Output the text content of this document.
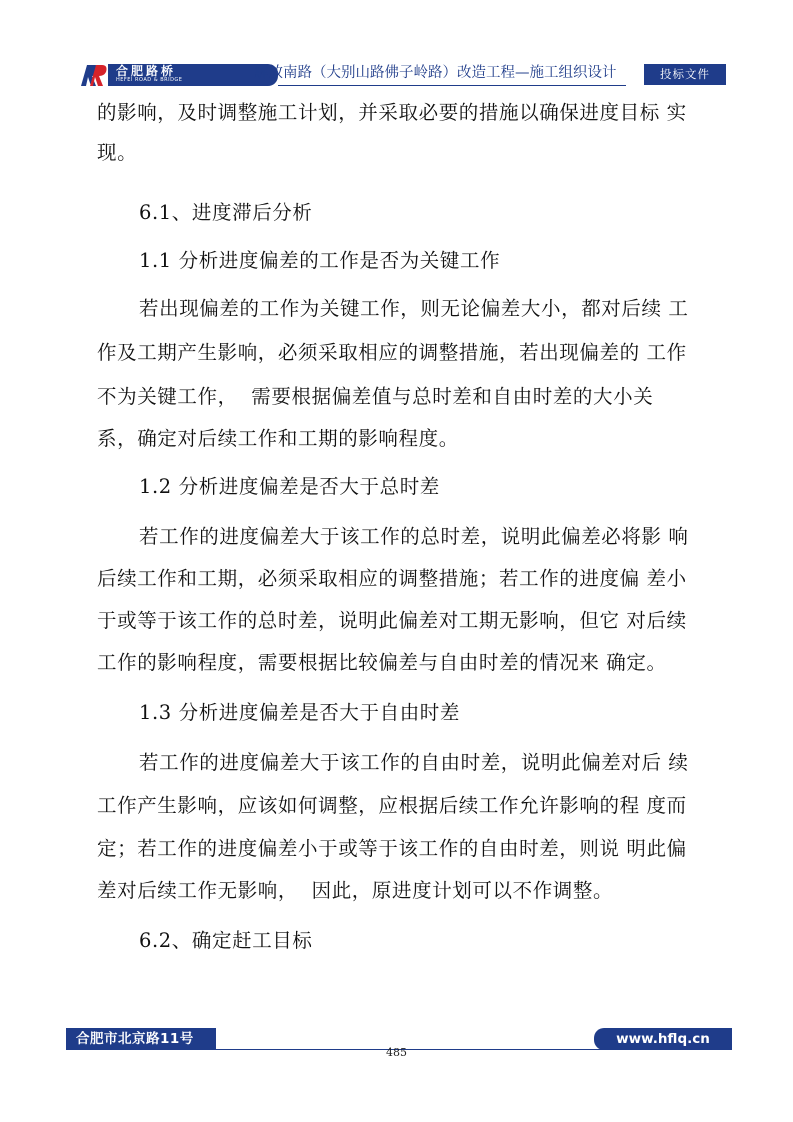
合肥路桥
HEFEI ROAD & BRIDGE	解放南路（大别山路佛子岭路）改造工程—施工组织设计	投标文件
的影响，及时调整施工计划，并采取必要的措施以确保进度目标 实
现。
6.1、进度滞后分析
1.1 分析进度偏差的工作是否为关键工作
若出现偏差的工作为关键工作，则无论偏差大小，都对后续 工
作及工期产生影响，必须采取相应的调整措施，若出现偏差的 工作
不为关键工作，  需要根据偏差值与总时差和自由时差的大小关
系，确定对后续工作和工期的影响程度。
1.2 分析进度偏差是否大于总时差
若工作的进度偏差大于该工作的总时差，说明此偏差必将影 响
后续工作和工期，必须采取相应的调整措施；若工作的进度偏 差小
于或等于该工作的总时差，说明此偏差对工期无影响，但它 对后续
工作的影响程度，需要根据比较偏差与自由时差的情况来 确定。
1.3 分析进度偏差是否大于自由时差
若工作的进度偏差大于该工作的自由时差，说明此偏差对后 续
工作产生影响，应该如何调整，应根据后续工作允许影响的程 度而
定；若工作的进度偏差小于或等于该工作的自由时差，则说 明此偏
差对后续工作无影响，  因此，原进度计划可以不作调整。
6.2、确定赶工目标
合肥市北京路11号	www.hflq.cn
485
